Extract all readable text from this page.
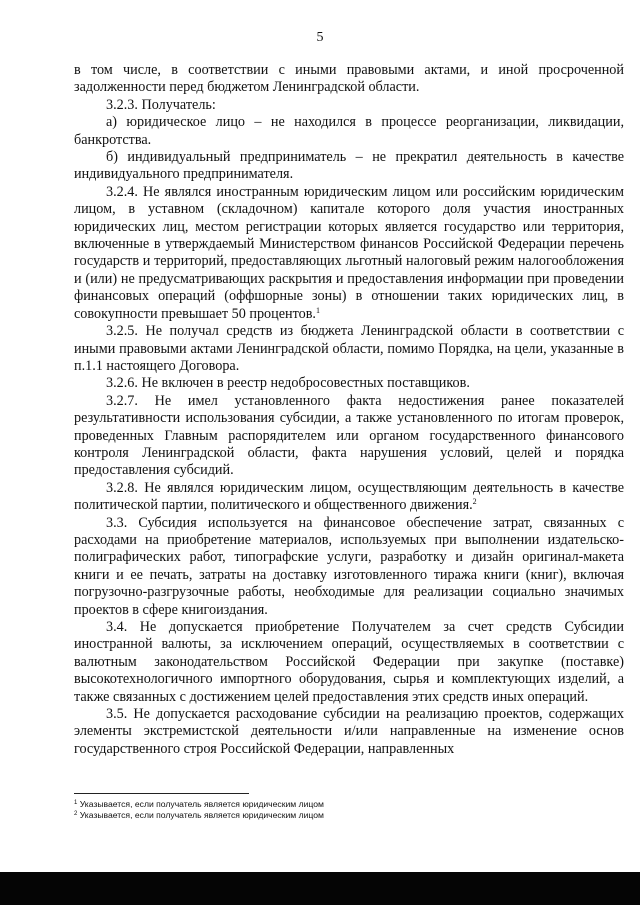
5

в том числе, в соответствии с иными правовыми актами, и иной просроченной задолженности перед бюджетом Ленинградской области.

3.2.3. Получатель:

а) юридическое лицо – не находился в процессе реорганизации, ликвидации, банкротства.

б) индивидуальный предприниматель – не прекратил деятельность в качестве индивидуального предпринимателя.

3.2.4. Не являлся иностранным юридическим лицом или российским юридическим лицом, в уставном (складочном) капитале которого доля участия иностранных юридических лиц, местом регистрации которых является государство или территория, включенные в утверждаемый Министерством финансов Российской Федерации перечень государств и территорий, предоставляющих льготный налоговый режим налогообложения и (или) не предусматривающих раскрытия и предоставления информации при проведении финансовых операций (оффшорные зоны) в отношении таких юридических лиц, в совокупности превышает 50 процентов.$^1$

3.2.5. Не получал средств из бюджета Ленинградской области в соответствии с иными правовыми актами Ленинградской области, помимо Порядка, на цели, указанные в п.1.1 настоящего Договора.

3.2.6. Не включен в реестр недобросовестных поставщиков.

3.2.7. Не имел установленного факта недостижения ранее показателей результативности использования субсидии, а также установленного по итогам проверок, проведенных Главным распорядителем или органом государственного финансового контроля Ленинградской области, факта нарушения условий, целей и порядка предоставления субсидий.

3.2.8. Не являлся юридическим лицом, осуществляющим деятельность в качестве политической партии, политического и общественного движения.$^2$

3.3. Субсидия используется на финансовое обеспечение затрат, связанных с расходами на приобретение материалов, используемых при выполнении издательско-полиграфических работ, типографские услуги, разработку и дизайн оригинал-макета книги и ее печать, затраты на доставку изготовленного тиража книги (книг), включая погрузочно-разгрузочные работы, необходимые для реализации социально значимых проектов в сфере книгоиздания.

3.4. Не допускается приобретение Получателем за счет средств Субсидии иностранной валюты, за исключением операций, осуществляемых в соответствии с валютным законодательством Российской Федерации при закупке (поставке) высокотехнологичного импортного оборудования, сырья и комплектующих изделий, а также связанных с достижением целей предоставления этих средств иных операций.

3.5. Не допускается расходование субсидии на реализацию проектов, содержащих элементы экстремистской деятельности и/или направленные на изменение основ государственного строя Российской Федерации, направленных

$^1$ Указывается, если получатель является юридическим лицом

$^2$ Указывается, если получатель является юридическим лицом
